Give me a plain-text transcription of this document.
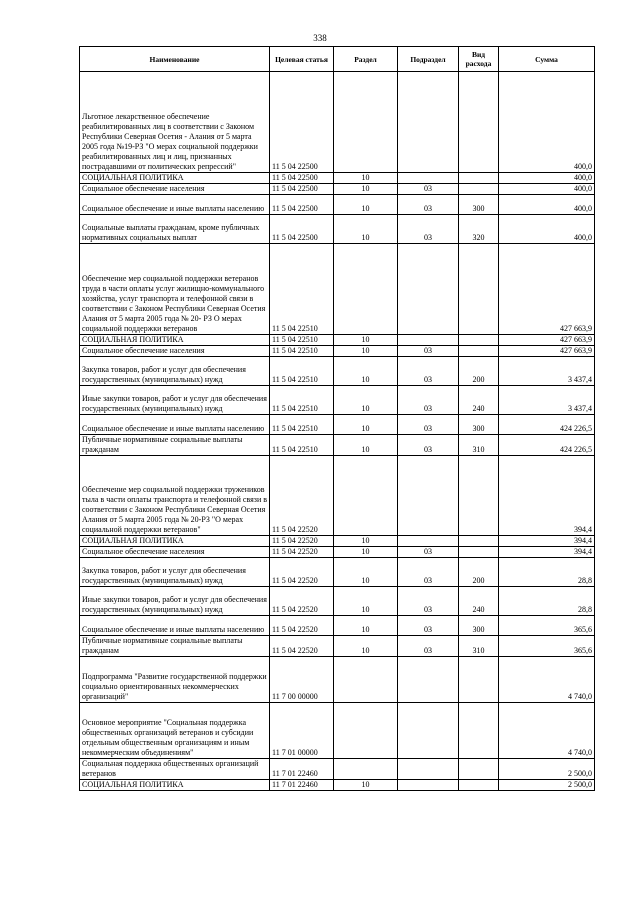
338
Наименование	Целевая статья	Раздел	Подраздел	Вид расхода	Сумма
Льготное лекарственное обеспечение реабилитированных лиц в соответствии с Законом Республики Северная Осетия - Алания от 5 марта 2005 года №19-РЗ "О мерах социальной поддержки реабилитированных лиц и лиц, признанных пострадавшими от политических репрессий"	11 5 04 22500				400,0
СОЦИАЛЬНАЯ ПОЛИТИКА	11 5 04 22500	10			400,0
Социальное обеспечение населения	11 5 04 22500	10	03		400,0
Социальное обеспечение и иные выплаты населению	11 5 04 22500	10	03	300	400,0
Социальные выплаты гражданам, кроме публичных нормативных социальных выплат	11 5 04 22500	10	03	320	400,0
Обеспечение мер социальной поддержки ветеранов труда в части оплаты услуг жилищно-коммунального хозяйства, услуг транспорта и телефонной связи в соответствии с Законом Республики Северная Осетия Алания от 5 марта 2005 года № 20- РЗ О мерах социальной поддержки ветеранов	11 5 04 22510				427 663,9
СОЦИАЛЬНАЯ ПОЛИТИКА	11 5 04 22510	10			427 663,9
Социальное обеспечение населения	11 5 04 22510	10	03		427 663,9
Закупка товаров, работ и услуг для обеспечения государственных (муниципальных) нужд	11 5 04 22510	10	03	200	3 437,4
Иные закупки товаров, работ и услуг для обеспечения государственных (муниципальных) нужд	11 5 04 22510	10	03	240	3 437,4
Социальное обеспечение и иные выплаты населению	11 5 04 22510	10	03	300	424 226,5
Публичные нормативные социальные выплаты гражданам	11 5 04 22510	10	03	310	424 226,5
Обеспечение мер социальной поддержки тружеников тыла в части оплаты транспорта и телефонной связи в соответствии с Законом Республики Северная Осетия Алания от 5 марта 2005 года № 20-РЗ "О мерах социальной поддержки ветеранов"	11 5 04 22520				394,4
СОЦИАЛЬНАЯ ПОЛИТИКА	11 5 04 22520	10			394,4
Социальное обеспечение населения	11 5 04 22520	10	03		394,4
Закупка товаров, работ и услуг для обеспечения государственных (муниципальных) нужд	11 5 04 22520	10	03	200	28,8
Иные закупки товаров, работ и услуг для обеспечения государственных (муниципальных) нужд	11 5 04 22520	10	03	240	28,8
Социальное обеспечение и иные выплаты населению	11 5 04 22520	10	03	300	365,6
Публичные нормативные социальные выплаты гражданам	11 5 04 22520	10	03	310	365,6
Подпрограмма "Развитие государственной поддержки социально ориентированных некоммерческих организаций"	11 7 00 00000				4 740,0
Основное мероприятие "Социальная поддержка общественных организаций ветеранов и субсидии отдельным общественным организациям и иным некоммерческим объединениям"	11 7 01 00000				4 740,0
Социальная поддержка общественных организаций ветеранов	11 7 01 22460				2 500,0
СОЦИАЛЬНАЯ ПОЛИТИКА	11 7 01 22460	10			2 500,0
